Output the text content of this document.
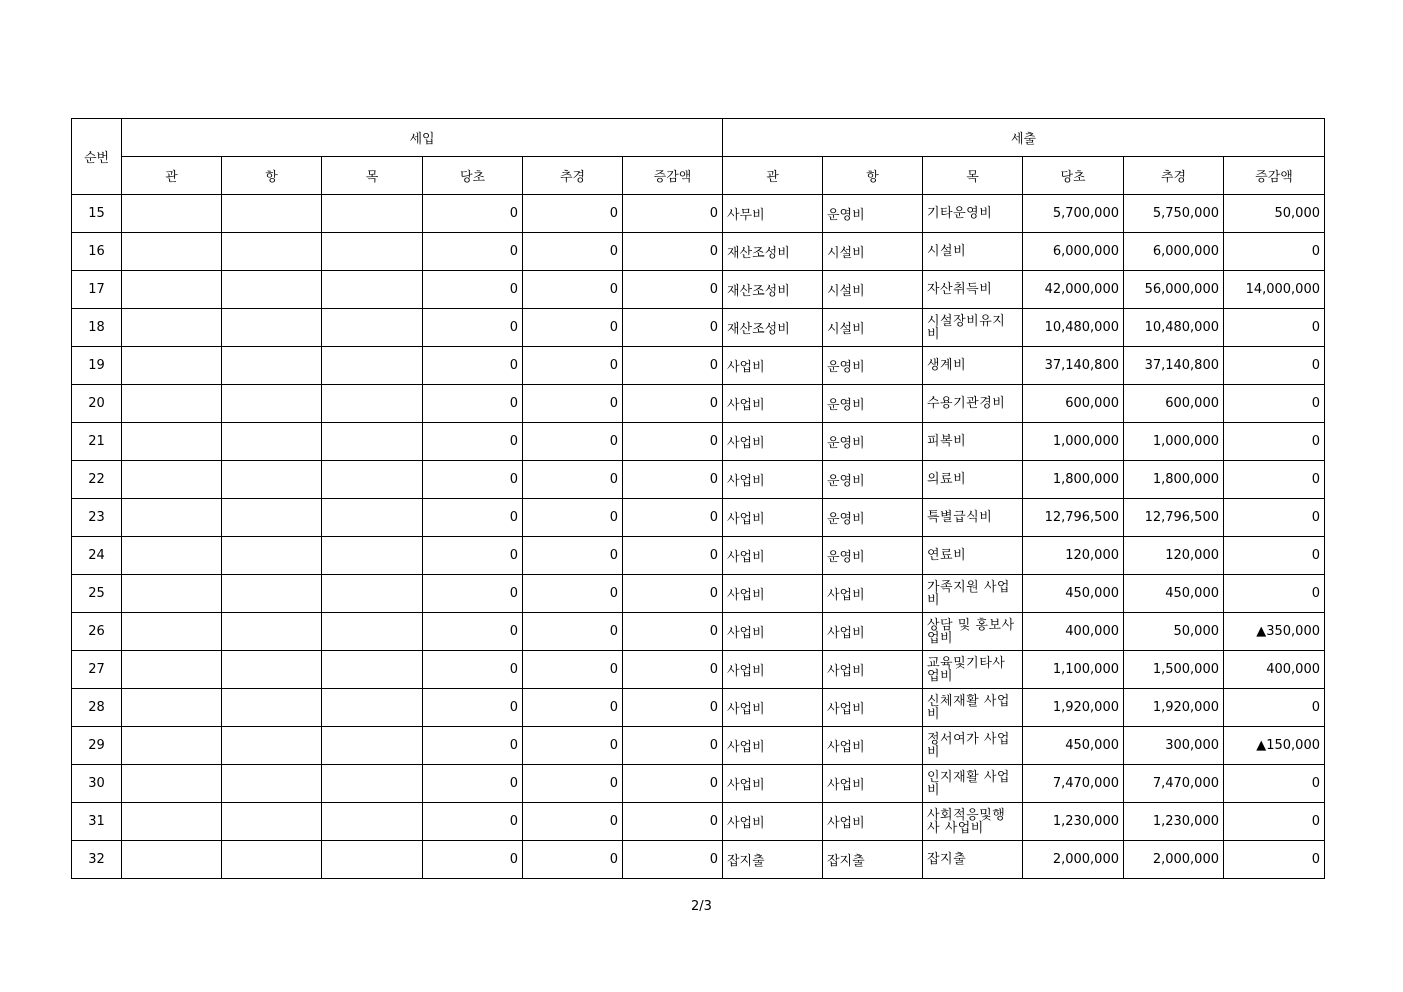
순번	세입						세출					
	관	항	목	당초	추경	증감액	관	항	목	당초	추경	증감액
15				0	0	0	사무비	운영비	기타운영비	5,700,000	5,750,000	50,000
16				0	0	0	재산조성비	시설비	시설비	6,000,000	6,000,000	0
17				0	0	0	재산조성비	시설비	자산취득비	42,000,000	56,000,000	14,000,000
18				0	0	0	재산조성비	시설비	시설장비유지비	10,480,000	10,480,000	0
19				0	0	0	사업비	운영비	생계비	37,140,800	37,140,800	0
20				0	0	0	사업비	운영비	수용기관경비	600,000	600,000	0
21				0	0	0	사업비	운영비	피복비	1,000,000	1,000,000	0
22				0	0	0	사업비	운영비	의료비	1,800,000	1,800,000	0
23				0	0	0	사업비	운영비	특별급식비	12,796,500	12,796,500	0
24				0	0	0	사업비	운영비	연료비	120,000	120,000	0
25				0	0	0	사업비	사업비	가족지원 사업비	450,000	450,000	0
26				0	0	0	사업비	사업비	상담 및 홍보사업비	400,000	50,000	▲350,000
27				0	0	0	사업비	사업비	교육및기타사업비	1,100,000	1,500,000	400,000
28				0	0	0	사업비	사업비	신체재활 사업비	1,920,000	1,920,000	0
29				0	0	0	사업비	사업비	정서여가 사업비	450,000	300,000	▲150,000
30				0	0	0	사업비	사업비	인지재활 사업비	7,470,000	7,470,000	0
31				0	0	0	사업비	사업비	사회적응및행사 사업비	1,230,000	1,230,000	0
32				0	0	0	잡지출	잡지출	잡지출	2,000,000	2,000,000	0
2/3
